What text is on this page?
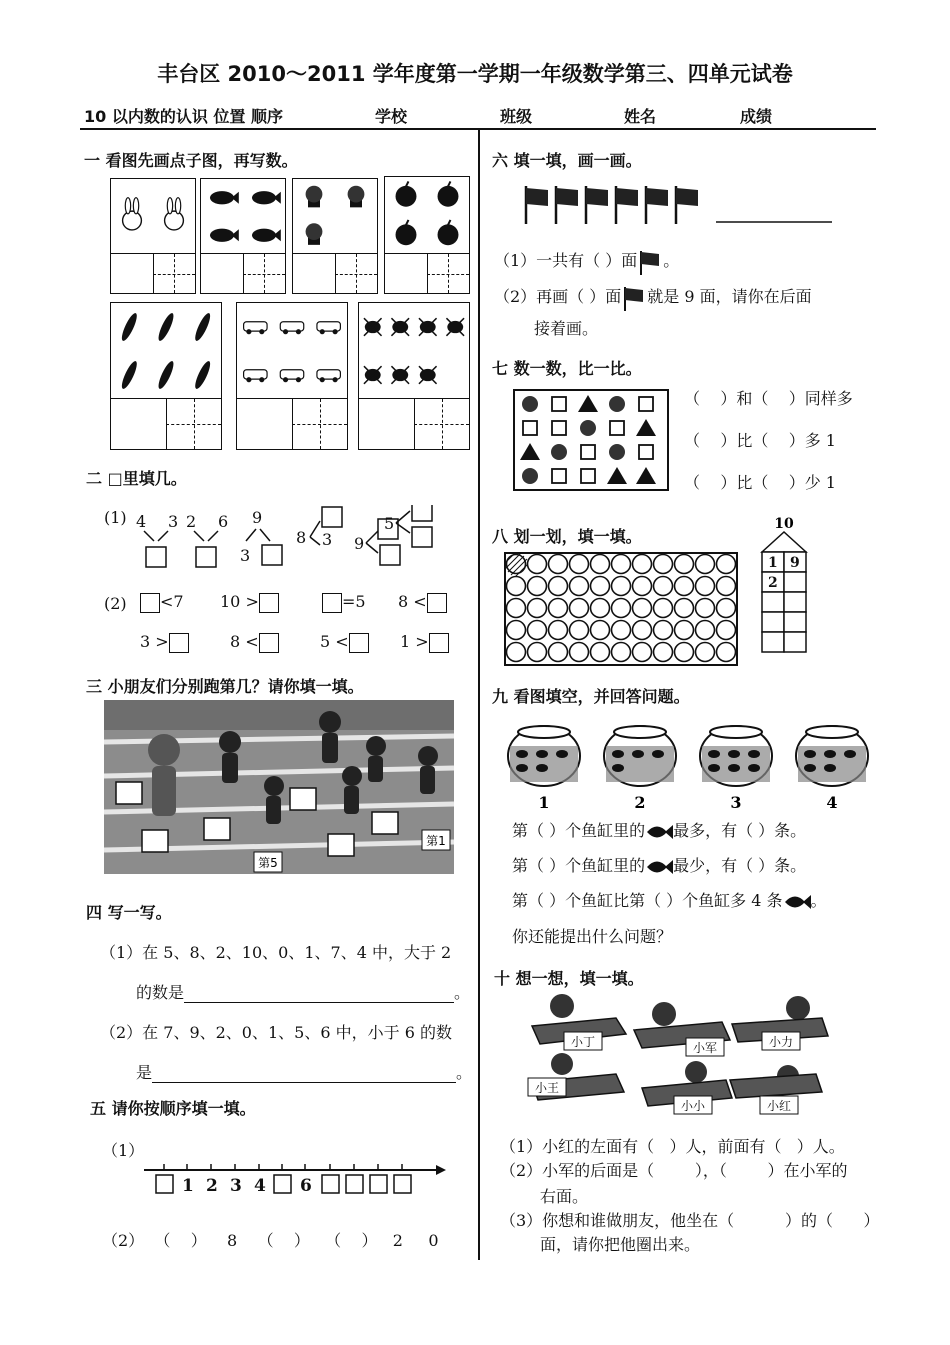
丰台区 2010～2011 学年度第一学期一年级数学第三、四单元试卷
10 以内数的认识 位置 顺序	学校	班级	姓名	成绩
一 看图先画点子图，再写数。
二 □里填几。
(1) 4 3 2 6 9
3
8 3 9
5
(2)	<7 10 >	=5 8 <
3 >	8 <	5 <	1 >
三 小朋友们分别跑第几？请你填一填。
第5
第1
四 写一写。
（1）在 5、8、2、10、0、1、7、4 中，大于 2
的数是	。
（2）在 7、9、2、0、1、5、6 中，小于 6 的数
是	。
五 请你按顺序填一填。
（1）
1 2 3 4 6
（2）  （    ）    8    （    ）   （    ）   2     0
六 填一填，画一画。
（1）一共有（ ）面 。
（2）再画（ ）面 就是 9 面，请你在后面
接着画。
七 数一数，比一比。
（    ）和（    ）同样多
（    ）比（    ）多 1
（    ）比（    ）少 1
八 划一划，填一填。
10
1 9
2
九 看图填空，并回答问题。
1	2	3	4
第（ ）个鱼缸里的 最多，有（ ）条。
第（ ）个鱼缸里的 最少，有（ ）条。
第（ ）个鱼缸比第（ ）个鱼缸多 4 条 。
你还能提出什么问题？
十 想一想，填一填。
小丁	小军	小力
小王
小小	小红
（1）小红的左面有（   ）人，前面有（   ）人。
（2）小军的后面是（        ），（        ）在小军的
右面。
（3）你想和谁做朋友，他坐在（          ）的（      ）
面，请你把他圈出来。
